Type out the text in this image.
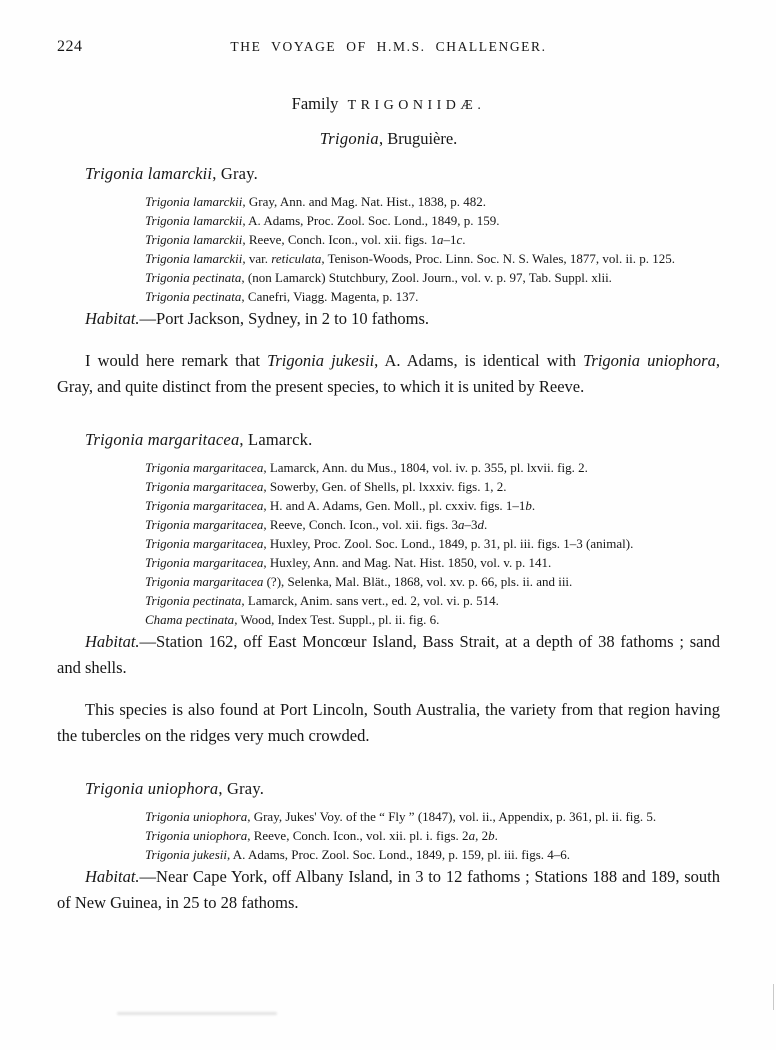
224	THE VOYAGE OF H.M.S. CHALLENGER.
Family TRIGONIIDÆ.
Trigonia, Bruguière.
Trigonia lamarckii, Gray.
Trigonia lamarckii, Gray, Ann. and Mag. Nat. Hist., 1838, p. 482.
Trigonia lamarckii, A. Adams, Proc. Zool. Soc. Lond., 1849, p. 159.
Trigonia lamarckii, Reeve, Conch. Icon., vol. xii. figs. 1a–1c.
Trigonia lamarckii, var. reticulata, Tenison-Woods, Proc. Linn. Soc. N. S. Wales, 1877, vol. ii. p. 125.
Trigonia pectinata, (non Lamarck) Stutchbury, Zool. Journ., vol. v. p. 97, Tab. Suppl. xlii.
Trigonia pectinata, Canefri, Viagg. Magenta, p. 137.

Habitat.—Port Jackson, Sydney, in 2 to 10 fathoms.

I would here remark that Trigonia jukesii, A. Adams, is identical with Trigonia uniophora, Gray, and quite distinct from the present species, to which it is united by Reeve.

Trigonia margaritacea, Lamarck.
Trigonia margaritacea, Lamarck, Ann. du Mus., 1804, vol. iv. p. 355, pl. lxvii. fig. 2.
Trigonia margaritacea, Sowerby, Gen. of Shells, pl. lxxxiv. figs. 1, 2.
Trigonia margaritacea, H. and A. Adams, Gen. Moll., pl. cxxiv. figs. 1–1b.
Trigonia margaritacea, Reeve, Conch. Icon., vol. xii. figs. 3a–3d.
Trigonia margaritacea, Huxley, Proc. Zool. Soc. Lond., 1849, p. 31, pl. iii. figs. 1–3 (animal).
Trigonia margaritacea, Huxley, Ann. and Mag. Nat. Hist. 1850, vol. v. p. 141.
Trigonia margaritacea (?), Selenka, Mal. Blät., 1868, vol. xv. p. 66, pls. ii. and iii.
Trigonia pectinata, Lamarck, Anim. sans vert., ed. 2, vol. vi. p. 514.
Chama pectinata, Wood, Index Test. Suppl., pl. ii. fig. 6.

Habitat.—Station 162, off East Moncœur Island, Bass Strait, at a depth of 38 fathoms ; sand and shells.

This species is also found at Port Lincoln, South Australia, the variety from that region having the tubercles on the ridges very much crowded.

Trigonia uniophora, Gray.
Trigonia uniophora, Gray, Jukes' Voy. of the “ Fly ” (1847), vol. ii., Appendix, p. 361, pl. ii. fig. 5.
Trigonia uniophora, Reeve, Conch. Icon., vol. xii. pl. i. figs. 2a, 2b.
Trigonia jukesii, A. Adams, Proc. Zool. Soc. Lond., 1849, p. 159, pl. iii. figs. 4–6.

Habitat.—Near Cape York, off Albany Island, in 3 to 12 fathoms ; Stations 188 and 189, south of New Guinea, in 25 to 28 fathoms.
